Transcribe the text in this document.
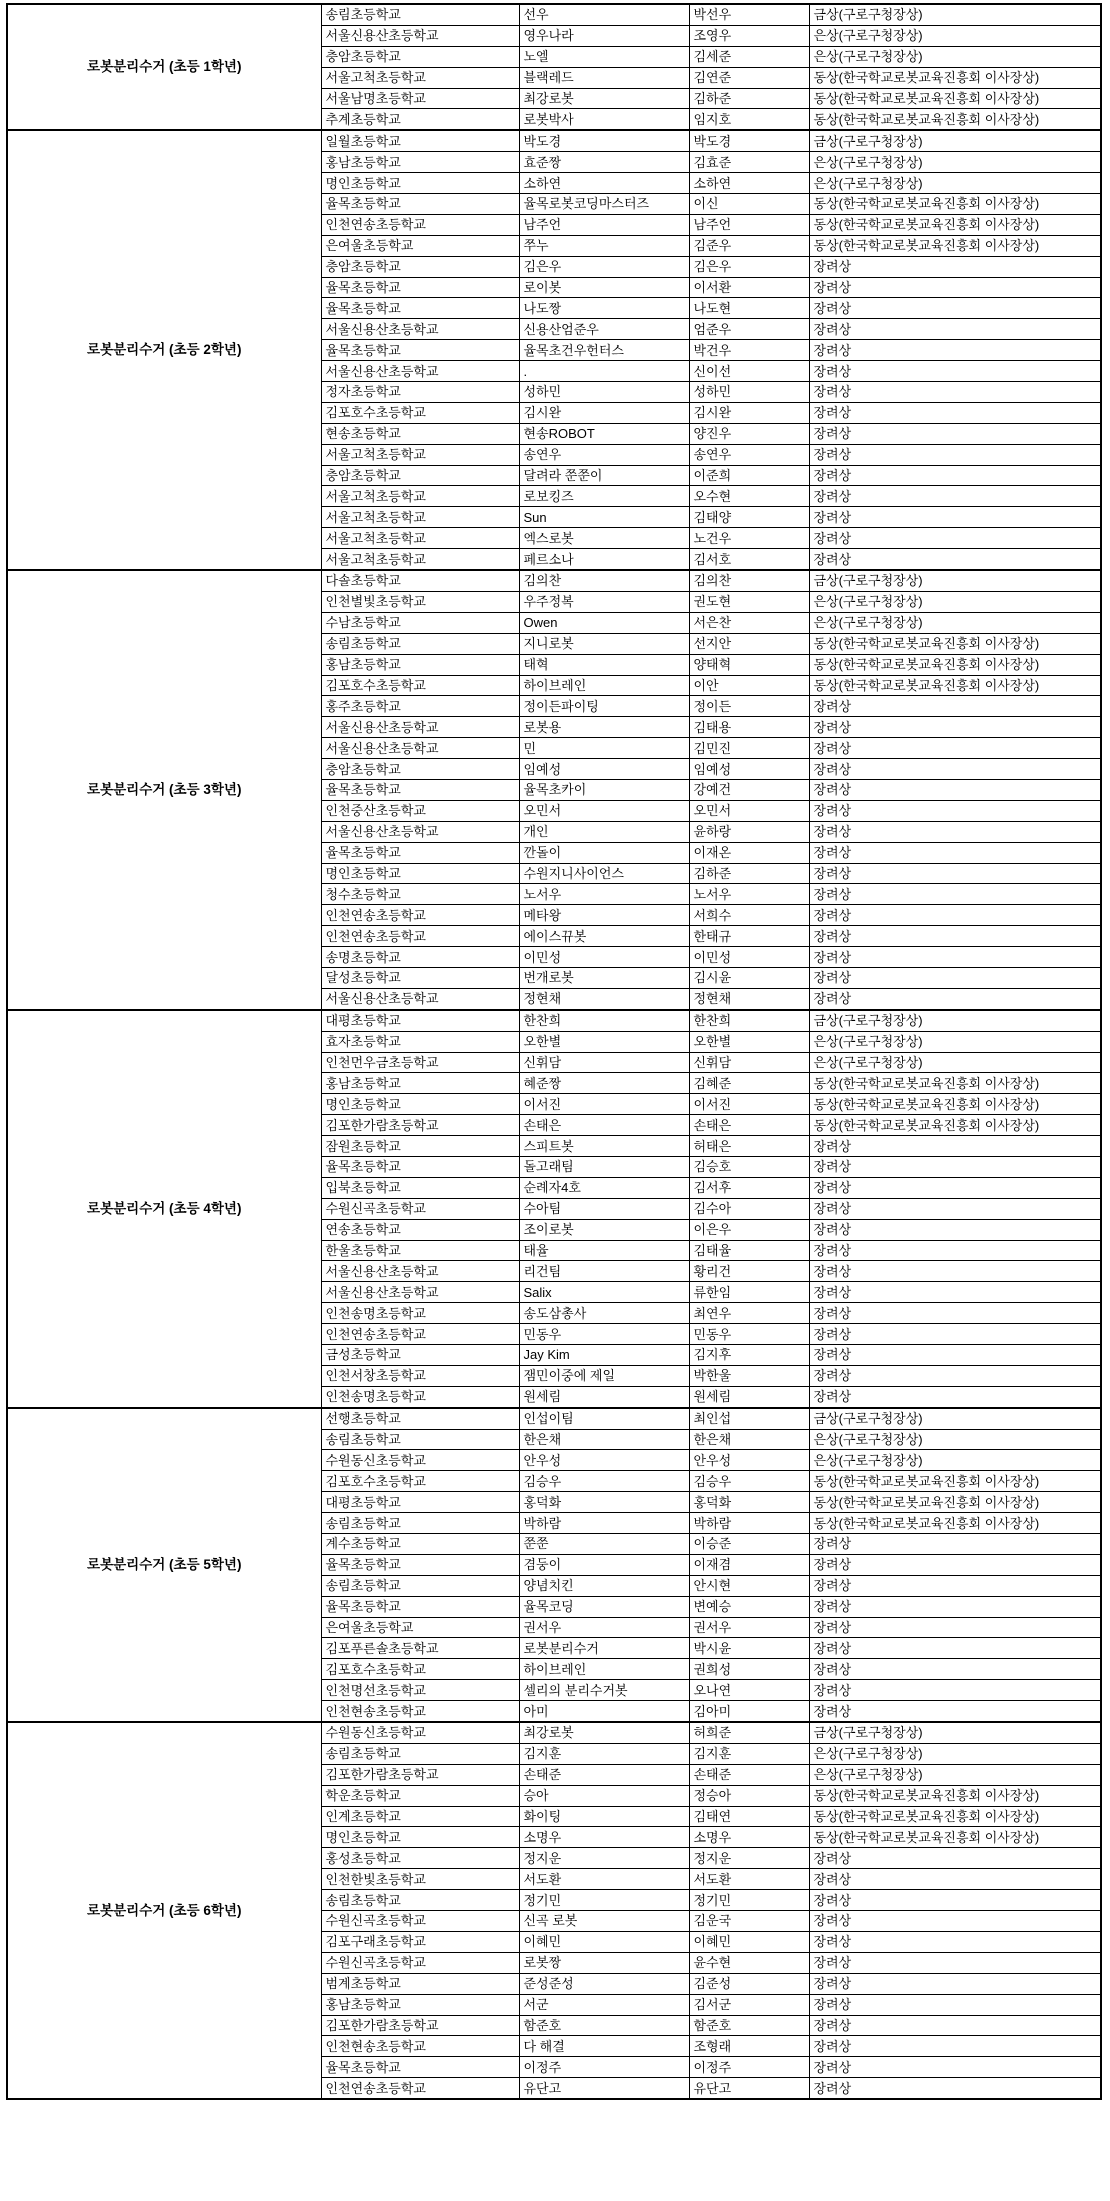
로봇분리수거 (초등 1학년)	송림초등학교	선우	박선우	금상(구로구청장상)
	서울신용산초등학교	영우나라	조영우	은상(구로구청장상)
	충암초등학교	노엘	김세준	은상(구로구청장상)
	서울고척초등학교	블랙레드	김연준	동상(한국학교로봇교육진흥회 이사장상)
	서울남명초등학교	최강로봇	김하준	동상(한국학교로봇교육진흥회 이사장상)
	추계초등학교	로봇박사	임지호	동상(한국학교로봇교육진흥회 이사장상)
로봇분리수거 (초등 2학년)	일월초등학교	박도경	박도경	금상(구로구청장상)
	홍남초등학교	효준짱	김효준	은상(구로구청장상)
	명인초등학교	소하연	소하연	은상(구로구청장상)
	율목초등학교	율목로봇코딩마스터즈	이신	동상(한국학교로봇교육진흥회 이사장상)
	인천연송초등학교	남주언	남주언	동상(한국학교로봇교육진흥회 이사장상)
	은여울초등학교	쭈누	김준우	동상(한국학교로봇교육진흥회 이사장상)
	충암초등학교	김은우	김은우	장려상
	율목초등학교	로이봇	이서환	장려상
	율목초등학교	나도짱	나도현	장려상
	서울신용산초등학교	신용산엄준우	엄준우	장려상
	율목초등학교	율목초건우헌터스	박건우	장려상
	서울신용산초등학교	.	신이선	장려상
	정자초등학교	성하민	성하민	장려상
	김포호수초등학교	김시완	김시완	장려상
	현송초등학교	현송ROBOT	양진우	장려상
	서울고척초등학교	송연우	송연우	장려상
	충암초등학교	달려라 쭌쭌이	이준희	장려상
	서울고척초등학교	로보킹즈	오수현	장려상
	서울고척초등학교	Sun	김태양	장려상
	서울고척초등학교	엑스로봇	노건우	장려상
	서울고척초등학교	페르소나	김서호	장려상
로봇분리수거 (초등 3학년)	다솔초등학교	김의찬	김의찬	금상(구로구청장상)
	인천별빛초등학교	우주정복	권도현	은상(구로구청장상)
	수남초등학교	Owen	서은찬	은상(구로구청장상)
	송림초등학교	지니로봇	선지안	동상(한국학교로봇교육진흥회 이사장상)
	홍남초등학교	태혁	양태혁	동상(한국학교로봇교육진흥회 이사장상)
	김포호수초등학교	하이브레인	이안	동상(한국학교로봇교육진흥회 이사장상)
	홍주초등학교	정이든파이팅	정이든	장려상
	서울신용산초등학교	로봇용	김태용	장려상
	서울신용산초등학교	민	김민진	장려상
	충암초등학교	임예성	임예성	장려상
	율목초등학교	율목초카이	강예건	장려상
	인천중산초등학교	오민서	오민서	장려상
	서울신용산초등학교	개인	윤하랑	장려상
	율목초등학교	깐돌이	이재온	장려상
	명인초등학교	수원지니사이언스	김하준	장려상
	청수초등학교	노서우	노서우	장려상
	인천연송초등학교	메타왕	서희수	장려상
	인천연송초등학교	에이스뀨봇	한태규	장려상
	송명초등학교	이민성	이민성	장려상
	달성초등학교	번개로봇	김시윤	장려상
	서울신용산초등학교	정현채	정현채	장려상
로봇분리수거 (초등 4학년)	대평초등학교	한찬희	한찬희	금상(구로구청장상)
	효자초등학교	오한별	오한별	은상(구로구청장상)
	인천먼우금초등학교	신휘담	신휘담	은상(구로구청장상)
	홍남초등학교	혜준짱	김혜준	동상(한국학교로봇교육진흥회 이사장상)
	명인초등학교	이서진	이서진	동상(한국학교로봇교육진흥회 이사장상)
	김포한가람초등학교	손태은	손태은	동상(한국학교로봇교육진흥회 이사장상)
	잠원초등학교	스피트봇	허태은	장려상
	율목초등학교	돌고래팀	김승호	장려상
	입북초등학교	순례자4호	김서후	장려상
	수원신곡초등학교	수아팀	김수아	장려상
	연송초등학교	조이로봇	이은우	장려상
	한울초등학교	태율	김태율	장려상
	서울신용산초등학교	리건팀	황리건	장려상
	서울신용산초등학교	Salix	류한임	장려상
	인천송명초등학교	송도삼총사	최연우	장려상
	인천연송초등학교	민동우	민동우	장려상
	금성초등학교	Jay Kim	김지후	장려상
	인천서창초등학교	잼민이중에 제일	박한울	장려상
	인천송명초등학교	원세림	원세림	장려상
로봇분리수거 (초등 5학년)	선행초등학교	인섭이팀	최인섭	금상(구로구청장상)
	송림초등학교	한은채	한은채	은상(구로구청장상)
	수원동신초등학교	안우성	안우성	은상(구로구청장상)
	김포호수초등학교	김승우	김승우	동상(한국학교로봇교육진흥회 이사장상)
	대평초등학교	홍덕화	홍덕화	동상(한국학교로봇교육진흥회 이사장상)
	송림초등학교	박하람	박하람	동상(한국학교로봇교육진흥회 이사장상)
	계수초등학교	쭌쭌	이승준	장려상
	율목초등학교	겸둥이	이재겸	장려상
	송림초등학교	양념치킨	안시현	장려상
	율목초등학교	율목코딩	변예승	장려상
	은여울초등학교	권서우	권서우	장려상
	김포푸른솔초등학교	로봇분리수거	박시윤	장려상
	김포호수초등학교	하이브레인	권희성	장려상
	인천명선초등학교	셀리의 분리수거봇	오나연	장려상
	인천현송초등학교	아미	김아미	장려상
로봇분리수거 (초등 6학년)	수원동신초등학교	최강로봇	허희준	금상(구로구청장상)
	송림초등학교	김지훈	김지훈	은상(구로구청장상)
	김포한가람초등학교	손태준	손태준	은상(구로구청장상)
	학운초등학교	승아	정승아	동상(한국학교로봇교육진흥회 이사장상)
	인계초등학교	화이팅	김태연	동상(한국학교로봇교육진흥회 이사장상)
	명인초등학교	소명우	소명우	동상(한국학교로봇교육진흥회 이사장상)
	홍성초등학교	정지운	정지운	장려상
	인천한빛초등학교	서도환	서도환	장려상
	송림초등학교	정기민	정기민	장려상
	수원신곡초등학교	신곡 로봇	김운국	장려상
	김포구래초등학교	이혜민	이혜민	장려상
	수원신곡초등학교	로봇짱	윤수현	장려상
	범계초등학교	준성준성	김준성	장려상
	홍남초등학교	서군	김서군	장려상
	김포한가람초등학교	함준호	함준호	장려상
	인천현송초등학교	다 해결	조형래	장려상
	율목초등학교	이정주	이정주	장려상
	인천연송초등학교	유단고	유단고	장려상
